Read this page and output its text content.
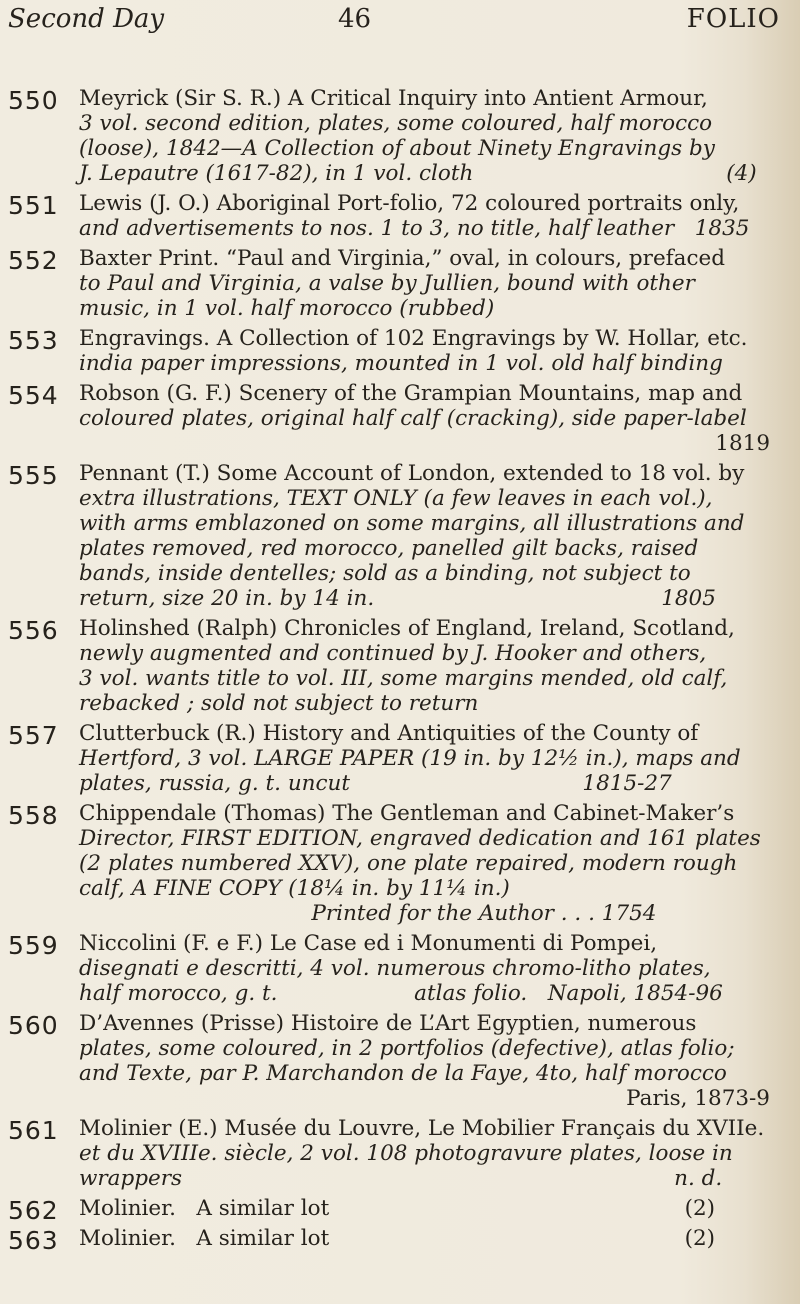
Second Day	46	FOLIO
550 Meyrick (Sir S. R.) A Critical Inquiry into Antient Armour,
3 vol. second edition, plates, some coloured, half morocco
(loose), 1842—A Collection of about Ninety Engravings by
J. Lepautre (1617-82), in 1 vol. cloth                                     (4)
551 Lewis (J. O.) Aboriginal Port-folio, 72 coloured portraits only,
and advertisements to nos. 1 to 3, no title, half leather   1835
552 Baxter Print. “Paul and Virginia,” oval, in colours, prefaced
to Paul and Virginia, a valse by Jullien, bound with other
music, in 1 vol. half morocco (rubbed)
553 Engravings. A Collection of 102 Engravings by W. Hollar, etc.
india paper impressions, mounted in 1 vol. old half binding
554 Robson (G. F.) Scenery of the Grampian Mountains, map and
coloured plates, original half calf (cracking), side paper-label
1819
555 Pennant (T.) Some Account of London, extended to 18 vol. by
extra illustrations, TEXT ONLY (a few leaves in each vol.),
with arms emblazoned on some margins, all illustrations and
plates removed, red morocco, panelled gilt backs, raised
bands, inside dentelles; sold as a binding, not subject to
return, size 20 in. by 14 in.                                          1805
556 Holinshed (Ralph) Chronicles of England, Ireland, Scotland,
newly augmented and continued by J. Hooker and others,
3 vol. wants title to vol. III, some margins mended, old calf,
rebacked ; sold not subject to return
557 Clutterbuck (R.) History and Antiquities of the County of
Hertford, 3 vol. LARGE PAPER (19 in. by 12½ in.), maps and
plates, russia, g. t. uncut                                  1815-27
558 Chippendale (Thomas) The Gentleman and Cabinet-Maker’s
Director, FIRST EDITION, engraved dedication and 161 plates
(2 plates numbered XXV), one plate repaired, modern rough
calf, A FINE COPY (18¼ in. by 11¼ in.)
Printed for the Author . . . 1754
559 Niccolini (F. e F.) Le Case ed i Monumenti di Pompei,
disegnati e descritti, 4 vol. numerous chromo-litho plates,
half morocco, g. t.                    atlas folio.   Napoli, 1854-96
560 D’Avennes (Prisse) Histoire de L’Art Egyptien, numerous
plates, some coloured, in 2 portfolios (defective), atlas folio;
and Texte, par P. Marchandon de la Faye, 4to, half morocco
Paris, 1873-9
561 Molinier (E.) Musée du Louvre, Le Mobilier Français du XVIIe.
et du XVIIIe. siècle, 2 vol. 108 photogravure plates, loose in
wrappers                                                                        n. d.
562 Molinier.   A similar lot                                                    (2)
563 Molinier.   A similar lot                                                    (2)
